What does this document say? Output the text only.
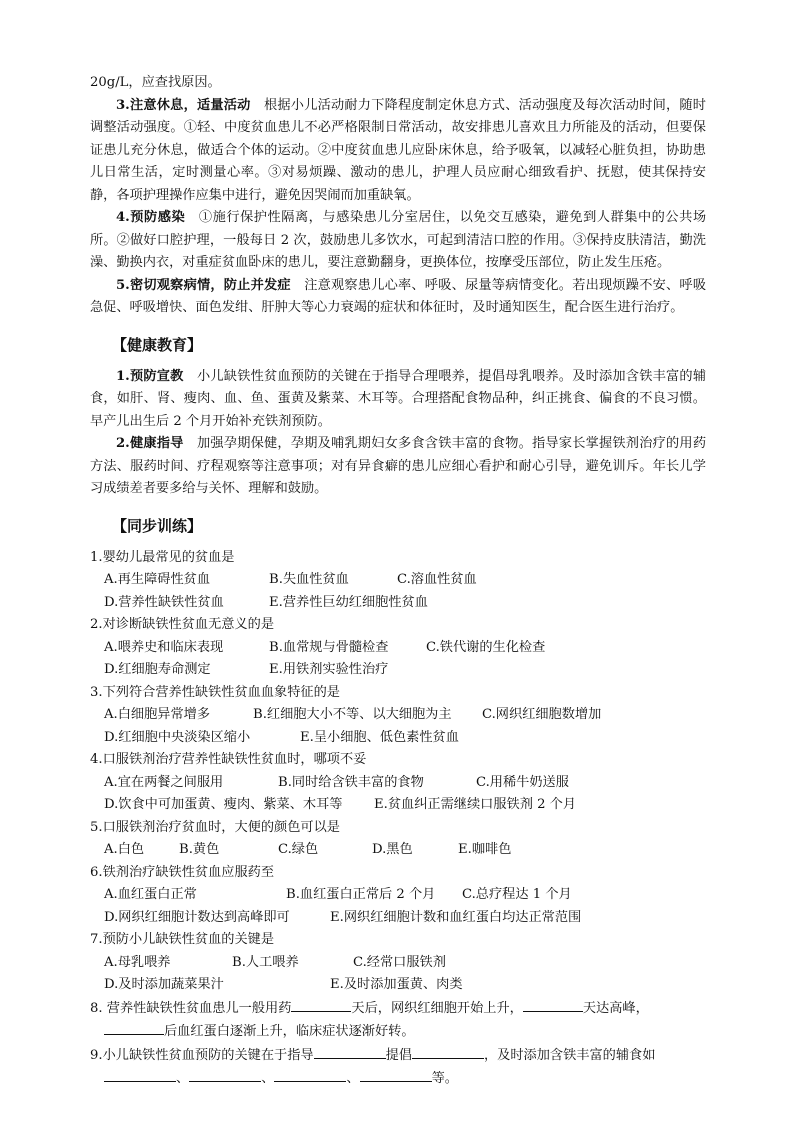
20g/L，应查找原因。

3.注意休息，适量活动　 根据小儿活动耐力下降程度制定休息方式、活动强度及每次活动时间，随时调整活动强度。①轻、中度贫血患儿不必严格限制日常活动，故安排患儿喜欢且力所能及的活动，但要保证患儿充分休息，做适合个体的运动。②中度贫血患儿应卧床休息，给予吸氧，以减轻心脏负担，协助患儿日常生活，定时测量心率。③对易烦躁、激动的患儿，护理人员应耐心细致看护、抚慰，使其保持安静，各项护理操作应集中进行，避免因哭闹而加重缺氧。

4.预防感染　 ①施行保护性隔离，与感染患儿分室居住，以免交互感染，避免到人群集中的公共场所。②做好口腔护理，一般每日 2 次，鼓励患儿多饮水，可起到清洁口腔的作用。③保持皮肤清洁，勤洗澡、勤换内衣，对重症贫血卧床的患儿，要注意勤翻身，更换体位，按摩受压部位，防止发生压疮。

5.密切观察病情，防止并发症　 注意观察患儿心率、呼吸、尿量等病情变化。若出现烦躁不安、呼吸急促、呼吸增快、面色发绀、肝肿大等心力衰竭的症状和体征时，及时通知医生，配合医生进行治疗。

【健康教育】

1.预防宣教　 小儿缺铁性贫血预防的关键在于指导合理喂养，提倡母乳喂养。及时添加含铁丰富的辅食，如肝、肾、瘦肉、血、鱼、蛋黄及紫菜、木耳等。合理搭配食物品种，纠正挑食、偏食的不良习惯。早产儿出生后 2 个月开始补充铁剂预防。

2.健康指导　 加强孕期保健，孕期及哺乳期妇女多食含铁丰富的食物。指导家长掌握铁剂治疗的用药方法、服药时间、疗程观察等注意事项；对有异食癖的患儿应细心看护和耐心引导，避免训斥。年长儿学习成绩差者要多给与关怀、理解和鼓励。

【同步训练】

1.婴幼儿最常见的贫血是

A.再生障碍性贫血	B.失血性贫血	C.溶血性贫血

D.营养性缺铁性贫血	E.营养性巨幼红细胞性贫血

2.对诊断缺铁性贫血无意义的是

A.喂养史和临床表现	B.血常规与骨髓检查	C.铁代谢的生化检查

D.红细胞寿命测定	E.用铁剂实验性治疗

3.下列符合营养性缺铁性贫血血象特征的是

A.白细胞异常增多	B.红细胞大小不等、以大细胞为主 C.网织红细胞数增加

D.红细胞中央淡染区缩小	E.呈小细胞、低色素性贫血

4.口服铁剂治疗营养性缺铁性贫血时，哪项不妥

A.宜在两餐之间服用	B.同时给含铁丰富的食物	C.用稀牛奶送服

D.饮食中可加蛋黄、瘦肉、紫菜、木耳等 E.贫血纠正需继续口服铁剂 2 个月

5.口服铁剂治疗贫血时，大便的颜色可以是

A.白色	B.黄色	C.绿色	D.黑色	E.咖啡色

6.铁剂治疗缺铁性贫血应服药至

A.血红蛋白正常	B.血红蛋白正常后 2 个月 C.总疗程达 1 个月

D.网织红细胞计数达到高峰即可	E.网织红细胞计数和血红蛋白均达正常范围

7.预防小儿缺铁性贫血的关键是

A.母乳喂养	B.人工喂养	C.经常口服铁剂

D.及时添加蔬菜果汁	E.及时添加蛋黄、肉类

8. 营养性缺铁性贫血患儿一般用药	天后，网织红细胞开始上升，	天达高峰，

后血红蛋白逐渐上升，临床症状逐渐好转。

9.小儿缺铁性贫血预防的关键在于指导	提倡	，及时添加含铁丰富的辅食如

、	、	、	等。
